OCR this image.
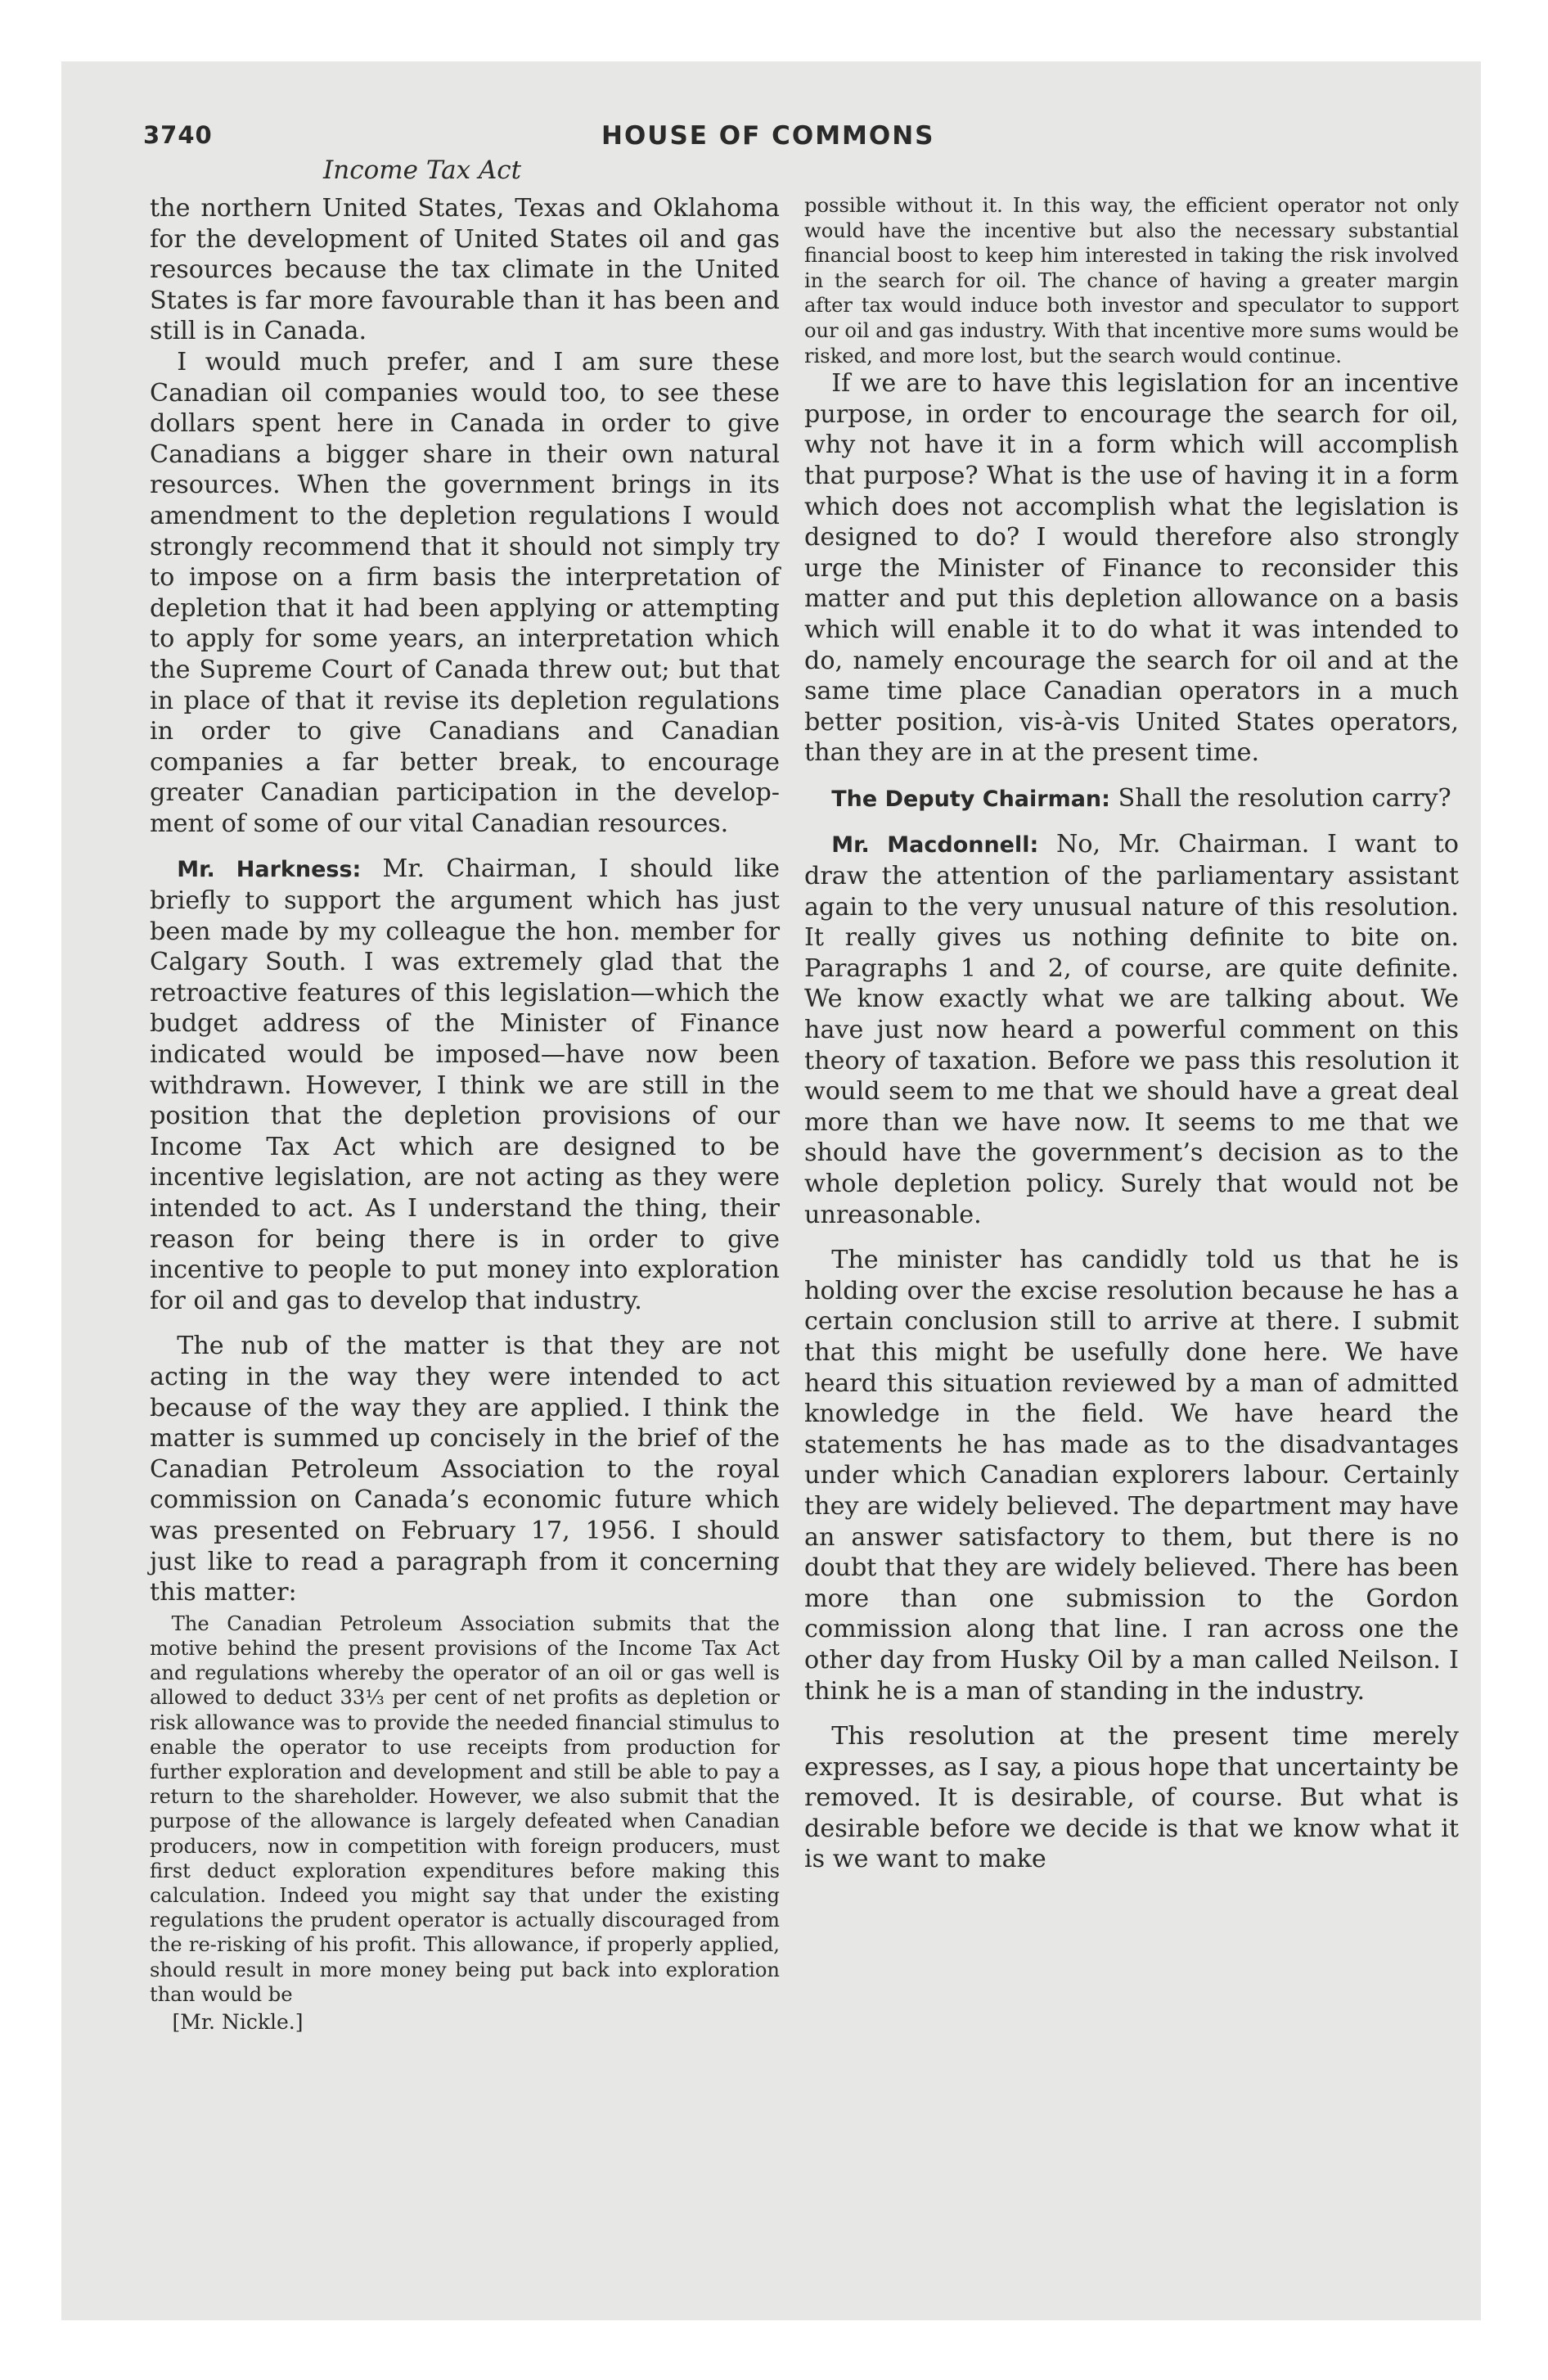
3740	HOUSE OF COMMONS
Income Tax Act

the northern United States, Texas and Oklahoma for the development of United States oil and gas resources because the tax climate in the United States is far more favourable than it has been and still is in Canada.

I would much prefer, and I am sure these Canadian oil companies would too, to see these dollars spent here in Canada in order to give Canadians a bigger share in their own natural resources. When the government brings in its amendment to the depletion regulations I would strongly recommend that it should not simply try to impose on a firm basis the interpretation of depletion that it had been applying or attempting to apply for some years, an interpretation which the Supreme Court of Canada threw out; but that in place of that it revise its depletion regulations in order to give Canadians and Canadian companies a far better break, to encourage greater Canadian participation in the development of some of our vital Canadian resources.

Mr. Harkness: Mr. Chairman, I should like briefly to support the argument which has just been made by my colleague the hon. member for Calgary South. I was extremely glad that the retroactive features of this legislation—which the budget address of the Minister of Finance indicated would be imposed—have now been withdrawn. However, I think we are still in the position that the depletion provisions of our Income Tax Act which are designed to be incentive legislation, are not acting as they were intended to act. As I understand the thing, their reason for being there is in order to give incentive to people to put money into exploration for oil and gas to develop that industry.

The nub of the matter is that they are not acting in the way they were intended to act because of the way they are applied. I think the matter is summed up concisely in the brief of the Canadian Petroleum Association to the royal commission on Canada’s economic future which was presented on February 17, 1956. I should just like to read a paragraph from it concerning this matter:

The Canadian Petroleum Association submits that the motive behind the present provisions of the Income Tax Act and regulations whereby the operator of an oil or gas well is allowed to deduct 33⅓ per cent of net profits as depletion or risk allowance was to provide the needed financial stimulus to enable the operator to use receipts from production for further exploration and development and still be able to pay a return to the shareholder. However, we also submit that the purpose of the allowance is largely defeated when Canadian producers, now in competition with foreign producers, must first deduct exploration expenditures before making this calculation. Indeed you might say that under the existing regulations the prudent operator is actually discouraged from the re-risking of his profit. This allowance, if properly applied, should result in more money being put back into exploration than would be

[Mr. Nickle.]

possible without it. In this way, the efficient operator not only would have the incentive but also the necessary substantial financial boost to keep him interested in taking the risk involved in the search for oil. The chance of having a greater margin after tax would induce both investor and speculator to support our oil and gas industry. With that incentive more sums would be risked, and more lost, but the search would continue.

If we are to have this legislation for an incentive purpose, in order to encourage the search for oil, why not have it in a form which will accomplish that purpose? What is the use of having it in a form which does not accomplish what the legislation is designed to do? I would therefore also strongly urge the Minister of Finance to reconsider this matter and put this depletion allowance on a basis which will enable it to do what it was intended to do, namely encourage the search for oil and at the same time place Canadian operators in a much better position, vis-à-vis United States operators, than they are in at the present time.

The Deputy Chairman: Shall the resolution carry?

Mr. Macdonnell: No, Mr. Chairman. I want to draw the attention of the parliamentary assistant again to the very unusual nature of this resolution. It really gives us nothing definite to bite on. Paragraphs 1 and 2, of course, are quite definite. We know exactly what we are talking about. We have just now heard a powerful comment on this theory of taxation. Before we pass this resolution it would seem to me that we should have a great deal more than we have now. It seems to me that we should have the government’s decision as to the whole depletion policy. Surely that would not be unreasonable.

The minister has candidly told us that he is holding over the excise resolution because he has a certain conclusion still to arrive at there. I submit that this might be usefully done here. We have heard this situation reviewed by a man of admitted knowledge in the field. We have heard the statements he has made as to the disadvantages under which Canadian explorers labour. Certainly they are widely believed. The department may have an answer satisfactory to them, but there is no doubt that they are widely believed. There has been more than one submission to the Gordon commission along that line. I ran across one the other day from Husky Oil by a man called Neilson. I think he is a man of standing in the industry.

This resolution at the present time merely expresses, as I say, a pious hope that uncertainty be removed. It is desirable, of course. But what is desirable before we decide is that we know what it is we want to make
